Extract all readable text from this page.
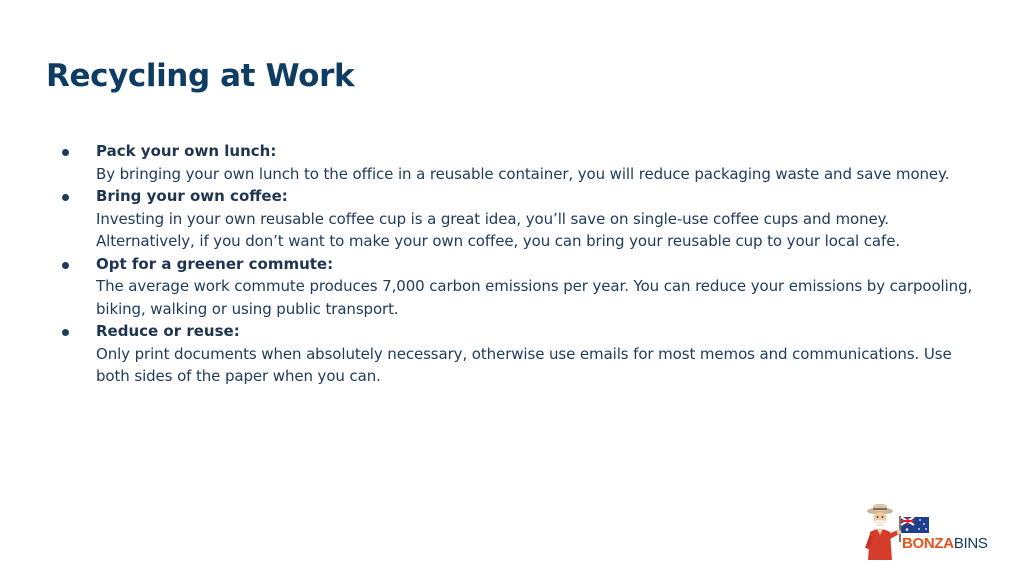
Recycling at Work
Pack your own lunch:
By bringing your own lunch to the office in a reusable container, you will reduce packaging waste and save money.
Bring your own coffee:
Investing in your own reusable coffee cup is a great idea, you’ll save on single-use coffee cups and money. Alternatively, if you don’t want to make your own coffee, you can bring your reusable cup to your local cafe.
Opt for a greener commute:
The average work commute produces 7,000 carbon emissions per year. You can reduce your emissions by carpooling, biking, walking or using public transport.
Reduce or reuse:
Only print documents when absolutely necessary, otherwise use emails for most memos and communications. Use both sides of the paper when you can.
BONZABINS
